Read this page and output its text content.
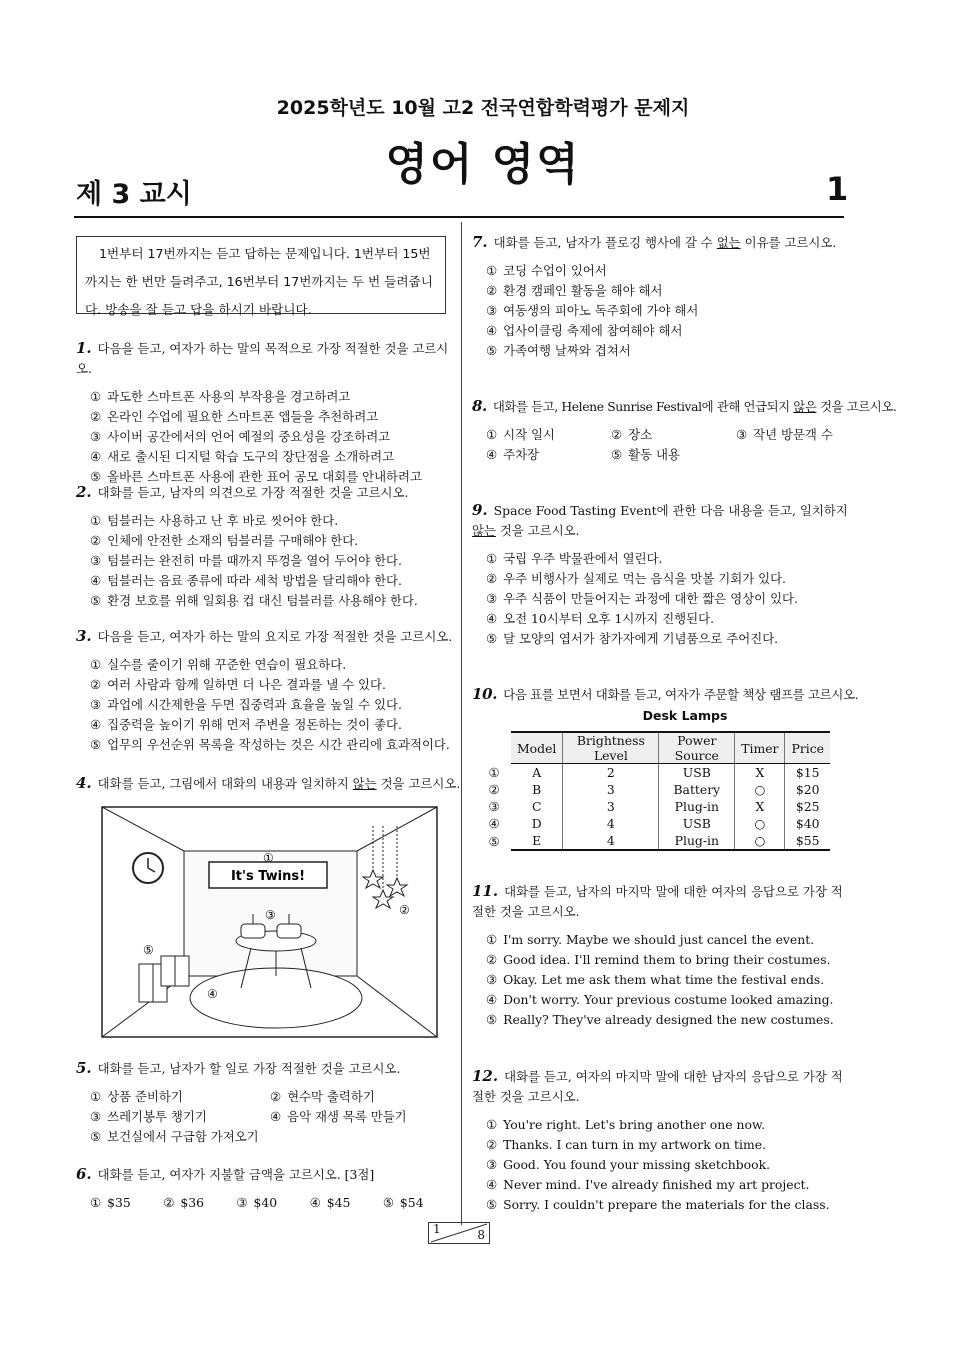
2025학년도 10월 고2 전국연합학력평가 문제지
영어 영역
제 3 교시	1

1번부터 17번까지는 듣고 답하는 문제입니다. 1번부터 15번까지는 한 번만 들려주고, 16번부터 17번까지는 두 번 들려줍니다. 방송을 잘 듣고 답을 하시기 바랍니다.

1. 다음을 듣고, 여자가 하는 말의 목적으로 가장 적절한 것을 고르시오.
① 과도한 스마트폰 사용의 부작용을 경고하려고
② 온라인 수업에 필요한 스마트폰 앱들을 추천하려고
③ 사이버 공간에서의 언어 예절의 중요성을 강조하려고
④ 새로 출시된 디지털 학습 도구의 장단점을 소개하려고
⑤ 올바른 스마트폰 사용에 관한 표어 공모 대회를 안내하려고
2. 대화를 듣고, 남자의 의견으로 가장 적절한 것을 고르시오.
① 텀블러는 사용하고 난 후 바로 씻어야 한다.
② 인체에 안전한 소재의 텀블러를 구매해야 한다.
③ 텀블러는 완전히 마를 때까지 뚜껑을 열어 두어야 한다.
④ 텀블러는 음료 종류에 따라 세척 방법을 달리해야 한다.
⑤ 환경 보호를 위해 일회용 컵 대신 텀블러를 사용해야 한다.
3. 다음을 듣고, 여자가 하는 말의 요지로 가장 적절한 것을 고르시오.
① 실수를 줄이기 위해 꾸준한 연습이 필요하다.
② 여러 사람과 함께 일하면 더 나은 결과를 낼 수 있다.
③ 과업에 시간제한을 두면 집중력과 효율을 높일 수 있다.
④ 집중력을 높이기 위해 먼저 주변을 정돈하는 것이 좋다.
⑤ 업무의 우선순위 목록을 작성하는 것은 시간 관리에 효과적이다.
4. 대화를 듣고, 그림에서 대화의 내용과 일치하지 않는 것을 고르시오.
It's Twins!
①
②
③
④
⑤
5. 대화를 듣고, 남자가 할 일로 가장 적절한 것을 고르시오.
① 상품 준비하기	② 현수막 출력하기
③ 쓰레기봉투 챙기기	④ 음악 재생 목록 만들기
⑤ 보건실에서 구급함 가져오기
6. 대화를 듣고, 여자가 지불할 금액을 고르시오. [3점]
① $35	② $36	③ $40	④ $45	⑤ $54
7. 대화를 듣고, 남자가 플로깅 행사에 갈 수 없는 이유를 고르시오.
① 코딩 수업이 있어서
② 환경 캠페인 활동을 해야 해서
③ 여동생의 피아노 독주회에 가야 해서
④ 업사이클링 축제에 참여해야 해서
⑤ 가족여행 날짜와 겹쳐서
8. 대화를 듣고, Helene Sunrise Festival에 관해 언급되지 않은 것을 고르시오.
① 시작 일시	② 장소	③ 작년 방문객 수
④ 주차장	⑤ 활동 내용
9. Space Food Tasting Event에 관한 다음 내용을 듣고, 일치하지 않는 것을 고르시오.
① 국립 우주 박물관에서 열린다.
② 우주 비행사가 실제로 먹는 음식을 맛볼 기회가 있다.
③ 우주 식품이 만들어지는 과정에 대한 짧은 영상이 있다.
④ 오전 10시부터 오후 1시까지 진행된다.
⑤ 달 모양의 엽서가 참가자에게 기념품으로 주어진다.
10. 다음 표를 보면서 대화를 듣고, 여자가 주문할 책상 램프를 고르시오.
Desk Lamps
	Model	Brightness Level	Power Source	Timer	Price
①	A	2	USB	X	$15
②	B	3	Battery	○	$20
③	C	3	Plug-in	X	$25
④	D	4	USB	○	$40
⑤	E	4	Plug-in	○	$55
11. 대화를 듣고, 남자의 마지막 말에 대한 여자의 응답으로 가장 적절한 것을 고르시오.
① I'm sorry. Maybe we should just cancel the event.
② Good idea. I'll remind them to bring their costumes.
③ Okay. Let me ask them what time the festival ends.
④ Don't worry. Your previous costume looked amazing.
⑤ Really? They've already designed the new costumes.
12. 대화를 듣고, 여자의 마지막 말에 대한 남자의 응답으로 가장 적절한 것을 고르시오.
① You're right. Let's bring another one now.
② Thanks. I can turn in my artwork on time.
③ Good. You found your missing sketchbook.
④ Never mind. I've already finished my art project.
⑤ Sorry. I couldn't prepare the materials for the class.
1	8
